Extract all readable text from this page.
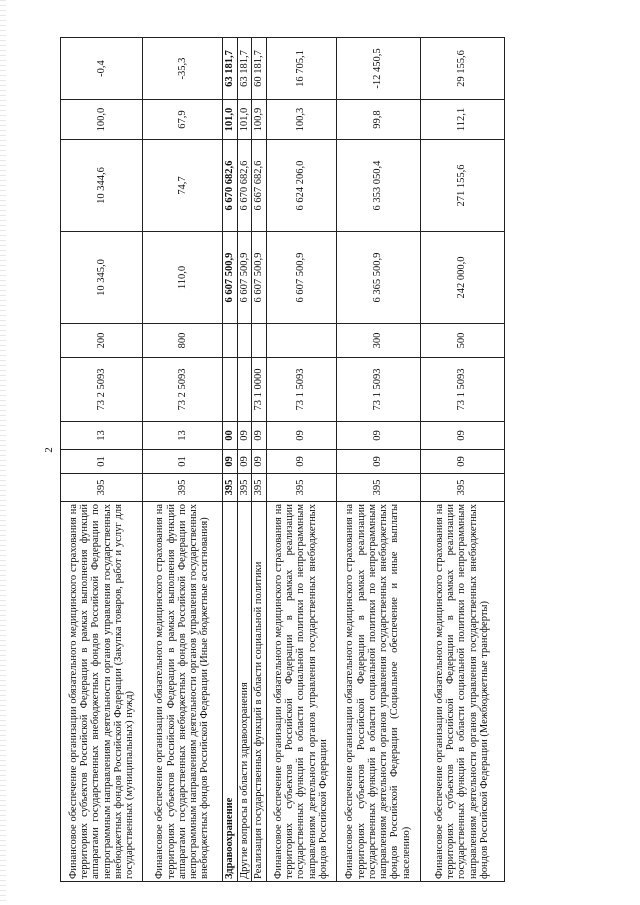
2
Финансовое обеспечение организации обязательного медицинского страхования на территориях субъектов Российской Федерации в рамках выполнения функций аппаратами государственных внебюджетных фондов Российской Федерации по непрограммным направлениям деятельности органов управления государственных внебюджетных фондов Российской Федерации (Закупка товаров, работ и услуг для государственных (муниципальных) нужд)	395	01	13	73 2 5093	200	10 345,0	10 344,6	100,0	-0,4
Финансовое обеспечение организации обязательного медицинского страхования на территориях субъектов Российской Федерации в рамках выполнения функций аппаратами государственных внебюджетных фондов Российской Федерации по непрограммным направлениям деятельности органов управления государственных внебюджетных фондов Российской Федерации (Иные бюджетные ассигнования)	395	01	13	73 2 5093	800	110,0	74,7	67,9	-35,3
Здравоохранение	395	09	00			6 607 500,9	6 670 682,6	101,0	63 181,7
Другие вопросы в области здравоохранения	395	09	09			6 607 500,9	6 670 682,6	101,0	63 181,7
Реализация государственных функций в области социальной политики	395	09	09	73 1 0000		6 607 500,9	6 667 682,6	100,9	60 181,7
Финансовое обеспечение организации обязательного медицинского страхования на территориях субъектов Российской Федерации в рамках реализации государственных функций в области социальной политики по непрограммным направлениям деятельности органов управления государственных внебюджетных фондов Российской Федерации	395	09	09	73 1 5093		6 607 500,9	6 624 206,0	100,3	16 705,1
Финансовое обеспечение организации обязательного медицинского страхования на территориях субъектов Российской Федерации в рамках реализации государственных функций в области социальной политики по непрограммным направлениям деятельности органов управления государственных внебюджетных фондов Российской Федерации (Социальное обеспечение и иные выплаты населению)	395	09	09	73 1 5093	300	6 365 500,9	6 353 050,4	99,8	-12 450,5
Финансовое обеспечение организации обязательного медицинского страхования на территориях субъектов Российской Федерации в рамках реализации государственных функций в области социальной политики по непрограммным направлениям деятельности органов управления государственных внебюджетных фондов Российской Федерации (Межбюджетные трансферты)	395	09	09	73 1 5093	500	242 000,0	271 155,6	112,1	29 155,6
